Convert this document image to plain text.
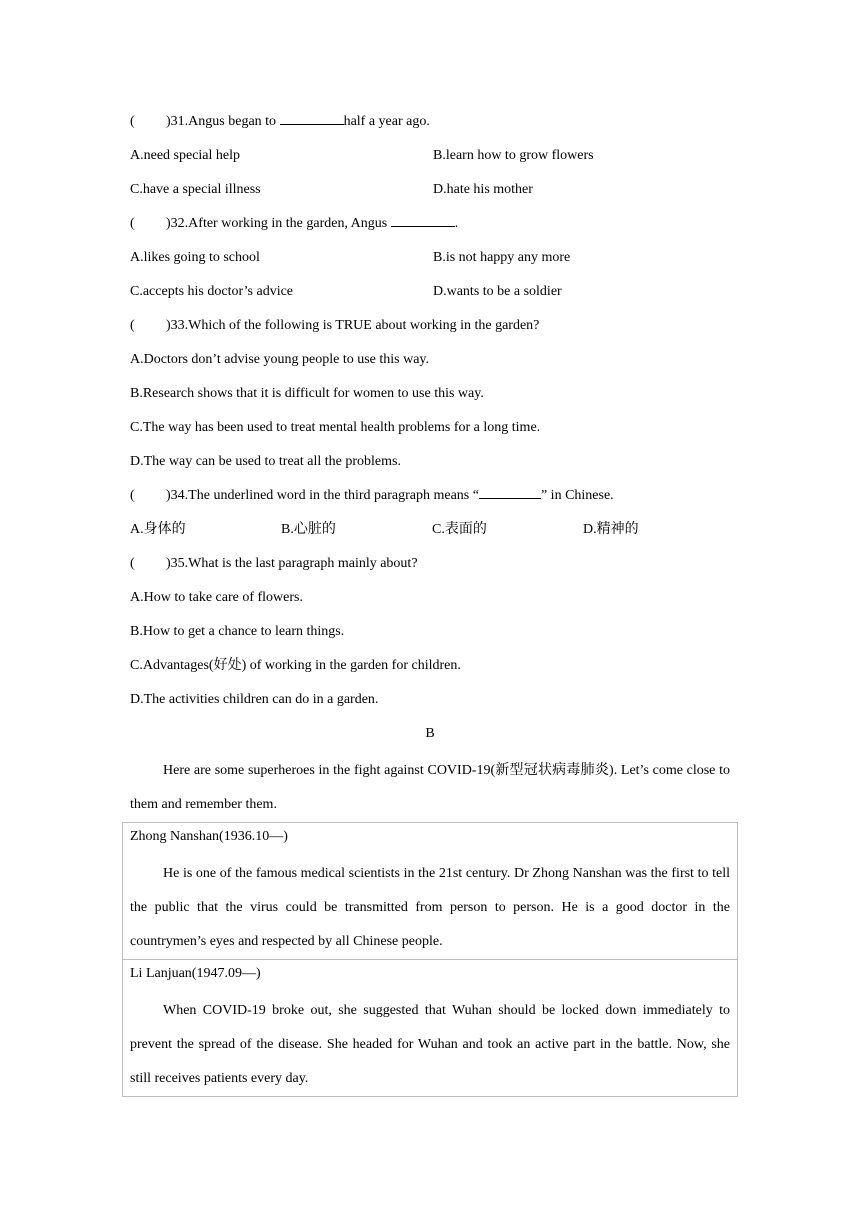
( )31.Angus began to	half a year ago.
A.need special help	B.learn how to grow flowers
C.have a special illness	D.hate his mother
( )32.After working in the garden, Angus	.
A.likes going to school	B.is not happy any more
C.accepts his doctor’s advice	D.wants to be a soldier
( )33.Which of the following is TRUE about working in the garden?
A.Doctors don’t advise young people to use this way.
B.Research shows that it is difficult for women to use this way.
C.The way has been used to treat mental health problems for a long time.
D.The way can be used to treat all the problems.
( )34.The underlined word in the third paragraph means “	” in Chinese.
A.身体的	B.心脏的	C.表面的	D.精神的
( )35.What is the last paragraph mainly about?
A.How to take care of flowers.
B.How to get a chance to learn things.
C.Advantages(好处) of working in the garden for children.
D.The activities children can do in a garden.
B
Here are some superheroes in the fight against COVID-19(新型冠状病毒肺炎). Let’s come close to them and remember them.
Zhong Nanshan(1936.10—)
He is one of the famous medical scientists in the 21st century. Dr Zhong Nanshan was the first to tell the public that the virus could be transmitted from person to person. He is a good doctor in the countrymen’s eyes and respected by all Chinese people.
Li Lanjuan(1947.09—)
When COVID-19 broke out, she suggested that Wuhan should be locked down immediately to prevent the spread of the disease. She headed for Wuhan and took an active part in the battle. Now, she still receives patients every day.
